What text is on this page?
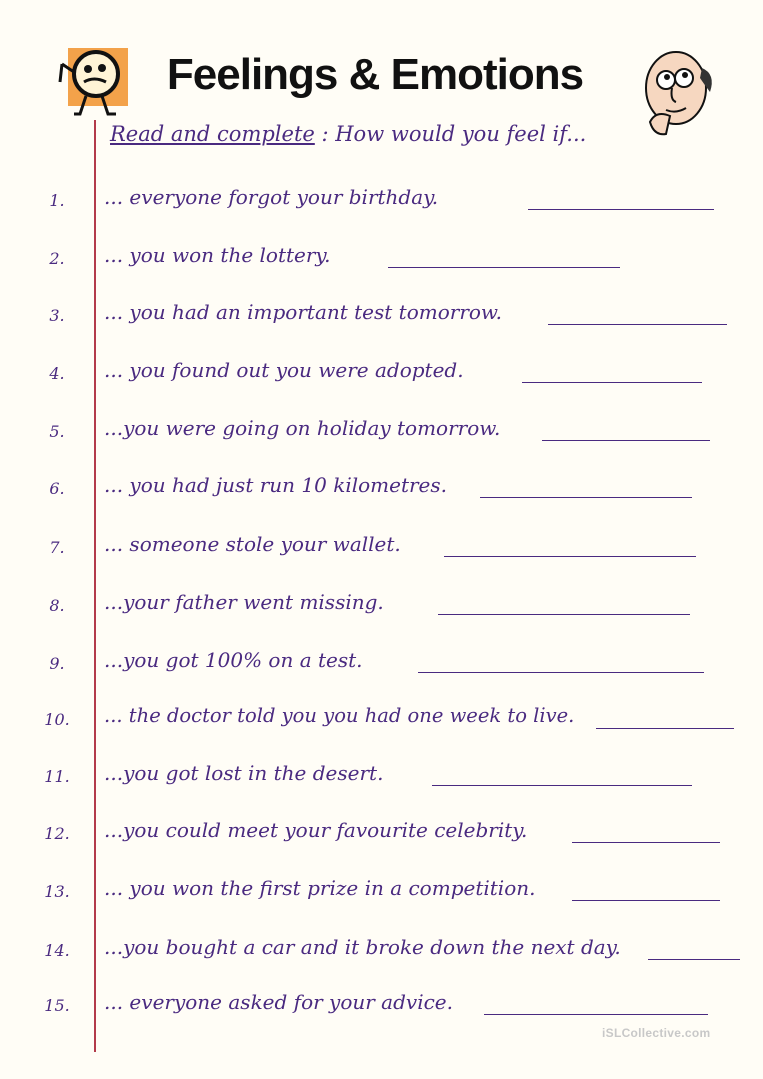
Feelings & Emotions
Read and complete : How would you feel if...
1.	... everyone forgot your birthday.
2.	... you won the lottery.
3.	... you had an important test tomorrow.
4.	... you found out you were adopted.
5.	...you were going on holiday tomorrow.
6.	... you had just run 10 kilometres.
7.	... someone stole your wallet.
8.	...your father went missing.
9.	...you got 100% on a test.
10. ... the doctor told you you had one week to live.
11. ...you got lost in the desert.
12. ...you could meet your favourite celebrity.
13. ... you won the first prize in a competition.
14. ...you bought a car and it broke down the next day.
15. ... everyone asked for your advice.
iSLCollective.com
